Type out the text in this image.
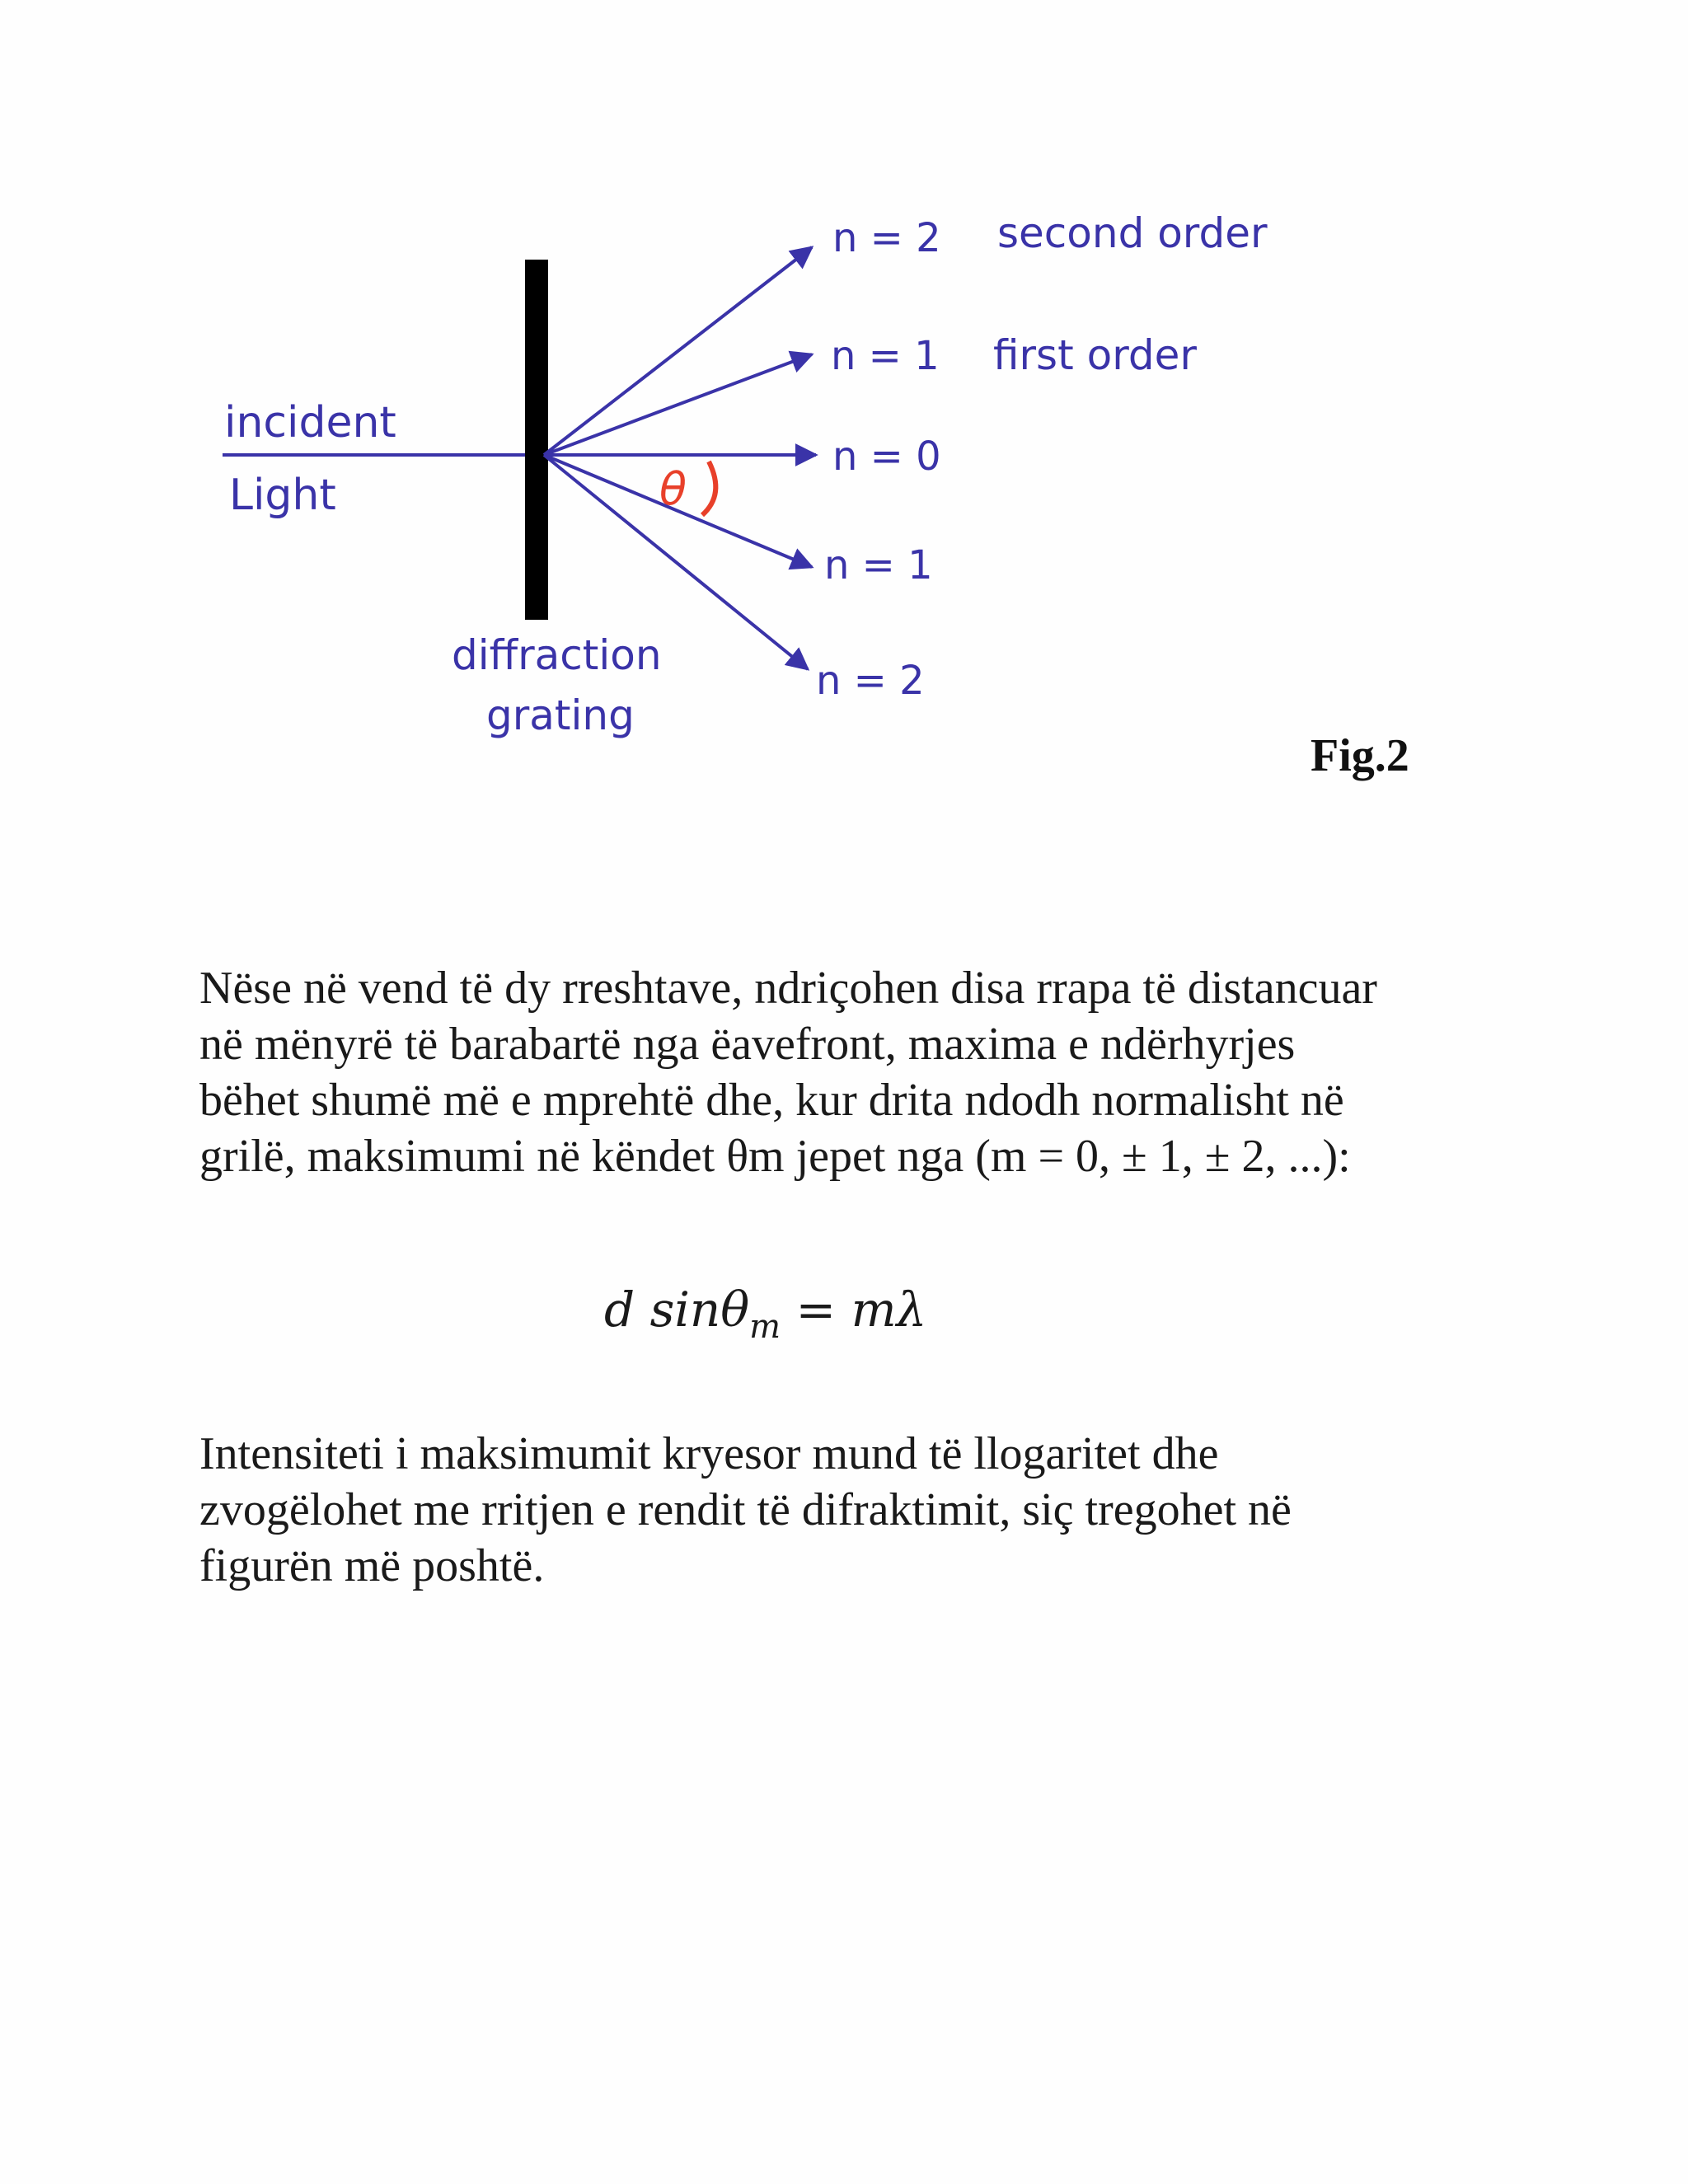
θ
incident
Light
diffraction
grating
n = 2 second order
n = 1 first order
n = 0
n = 1
n = 2
Fig.2
Nëse në vend të dy rreshtave, ndriçohen disa rrapa të distancuar
në mënyrë të barabartë nga ëavefront, maxima e ndërhyrjes
bëhet shumë më e mprehtë dhe, kur drita ndodh normalisht në
grilë, maksimumi në këndet θm jepet nga (m = 0, ± 1, ± 2, ...):
d sinθ$_m$ = mλ
Intensiteti i maksimumit kryesor mund të llogaritet dhe
zvogëlohet me rritjen e rendit të difraktimit, siç tregohet në
figurën më poshtë.
